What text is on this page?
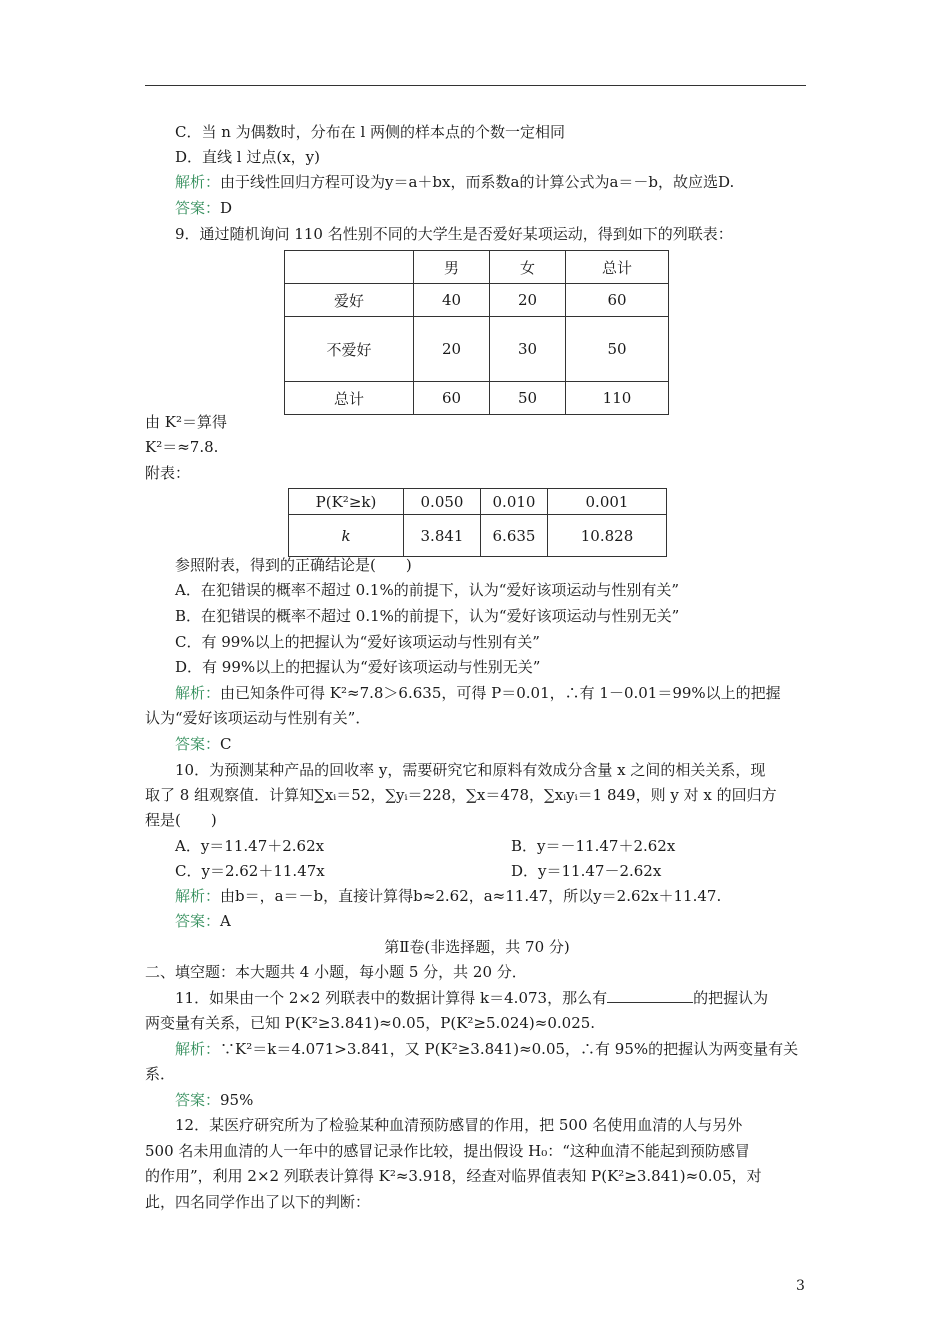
C．当 n 为偶数时，分布在 l 两侧的样本点的个数一定相同
D．直线 l 过点(x，y)
解析：由于线性回归方程可设为y＝a＋bx，而系数a的计算公式为a＝－b，故应选D.
答案：D
9．通过随机询问 110 名性别不同的大学生是否爱好某项运动，得到如下的列联表：
	男	女	总计
爱好	40	20	60
不爱好	20	30	50
总计	60	50	110
由 K²＝算得
K²＝≈7.8.
附表：
P(K²≥k)	0.050	0.010	0.001
k	3.841	6.635	10.828
参照附表，得到的正确结论是(　　)
A．在犯错误的概率不超过 0.1%的前提下，认为“爱好该项运动与性别有关”
B．在犯错误的概率不超过 0.1%的前提下，认为“爱好该项运动与性别无关”
C．有 99%以上的把握认为“爱好该项运动与性别有关”
D．有 99%以上的把握认为“爱好该项运动与性别无关”
解析：由已知条件可得 K²≈7.8＞6.635，可得 P＝0.01，∴有 1－0.01＝99%以上的把握
认为“爱好该项运动与性别有关”．
答案：C
10．为预测某种产品的回收率 y，需要研究它和原料有效成分含量 x 之间的相关关系，现
取了 8 组观察值．计算知∑xᵢ＝52，∑yᵢ＝228，∑x＝478，∑xᵢyᵢ＝1 849，则 y 对 x 的回归方
程是(　　)
A．y＝11.47＋2.62x	B．y＝－11.47＋2.62x
C．y＝2.62＋11.47x	D．y＝11.47－2.62x
解析：由b＝，a＝－b，直接计算得b≈2.62，a≈11.47，所以y＝2.62x＋11.47.
答案：A
第Ⅱ卷(非选择题，共 70 分)
二、填空题：本大题共 4 小题，每小题 5 分，共 20 分．
11．如果由一个 2×2 列联表中的数据计算得 k＝4.073，那么有	的把握认为
两变量有关系，已知 P(K²≥3.841)≈0.05，P(K²≥5.024)≈0.025.
解析：∵K²＝k＝4.071>3.841，又 P(K²≥3.841)≈0.05，∴有 95%的把握认为两变量有关
系．
答案：95%
12．某医疗研究所为了检验某种血清预防感冒的作用，把 500 名使用血清的人与另外
500 名未用血清的人一年中的感冒记录作比较，提出假设 H₀：“这种血清不能起到预防感冒
的作用”，利用 2×2 列联表计算得 K²≈3.918，经查对临界值表知 P(K²≥3.841)≈0.05，对
此，四名同学作出了以下的判断：
3
